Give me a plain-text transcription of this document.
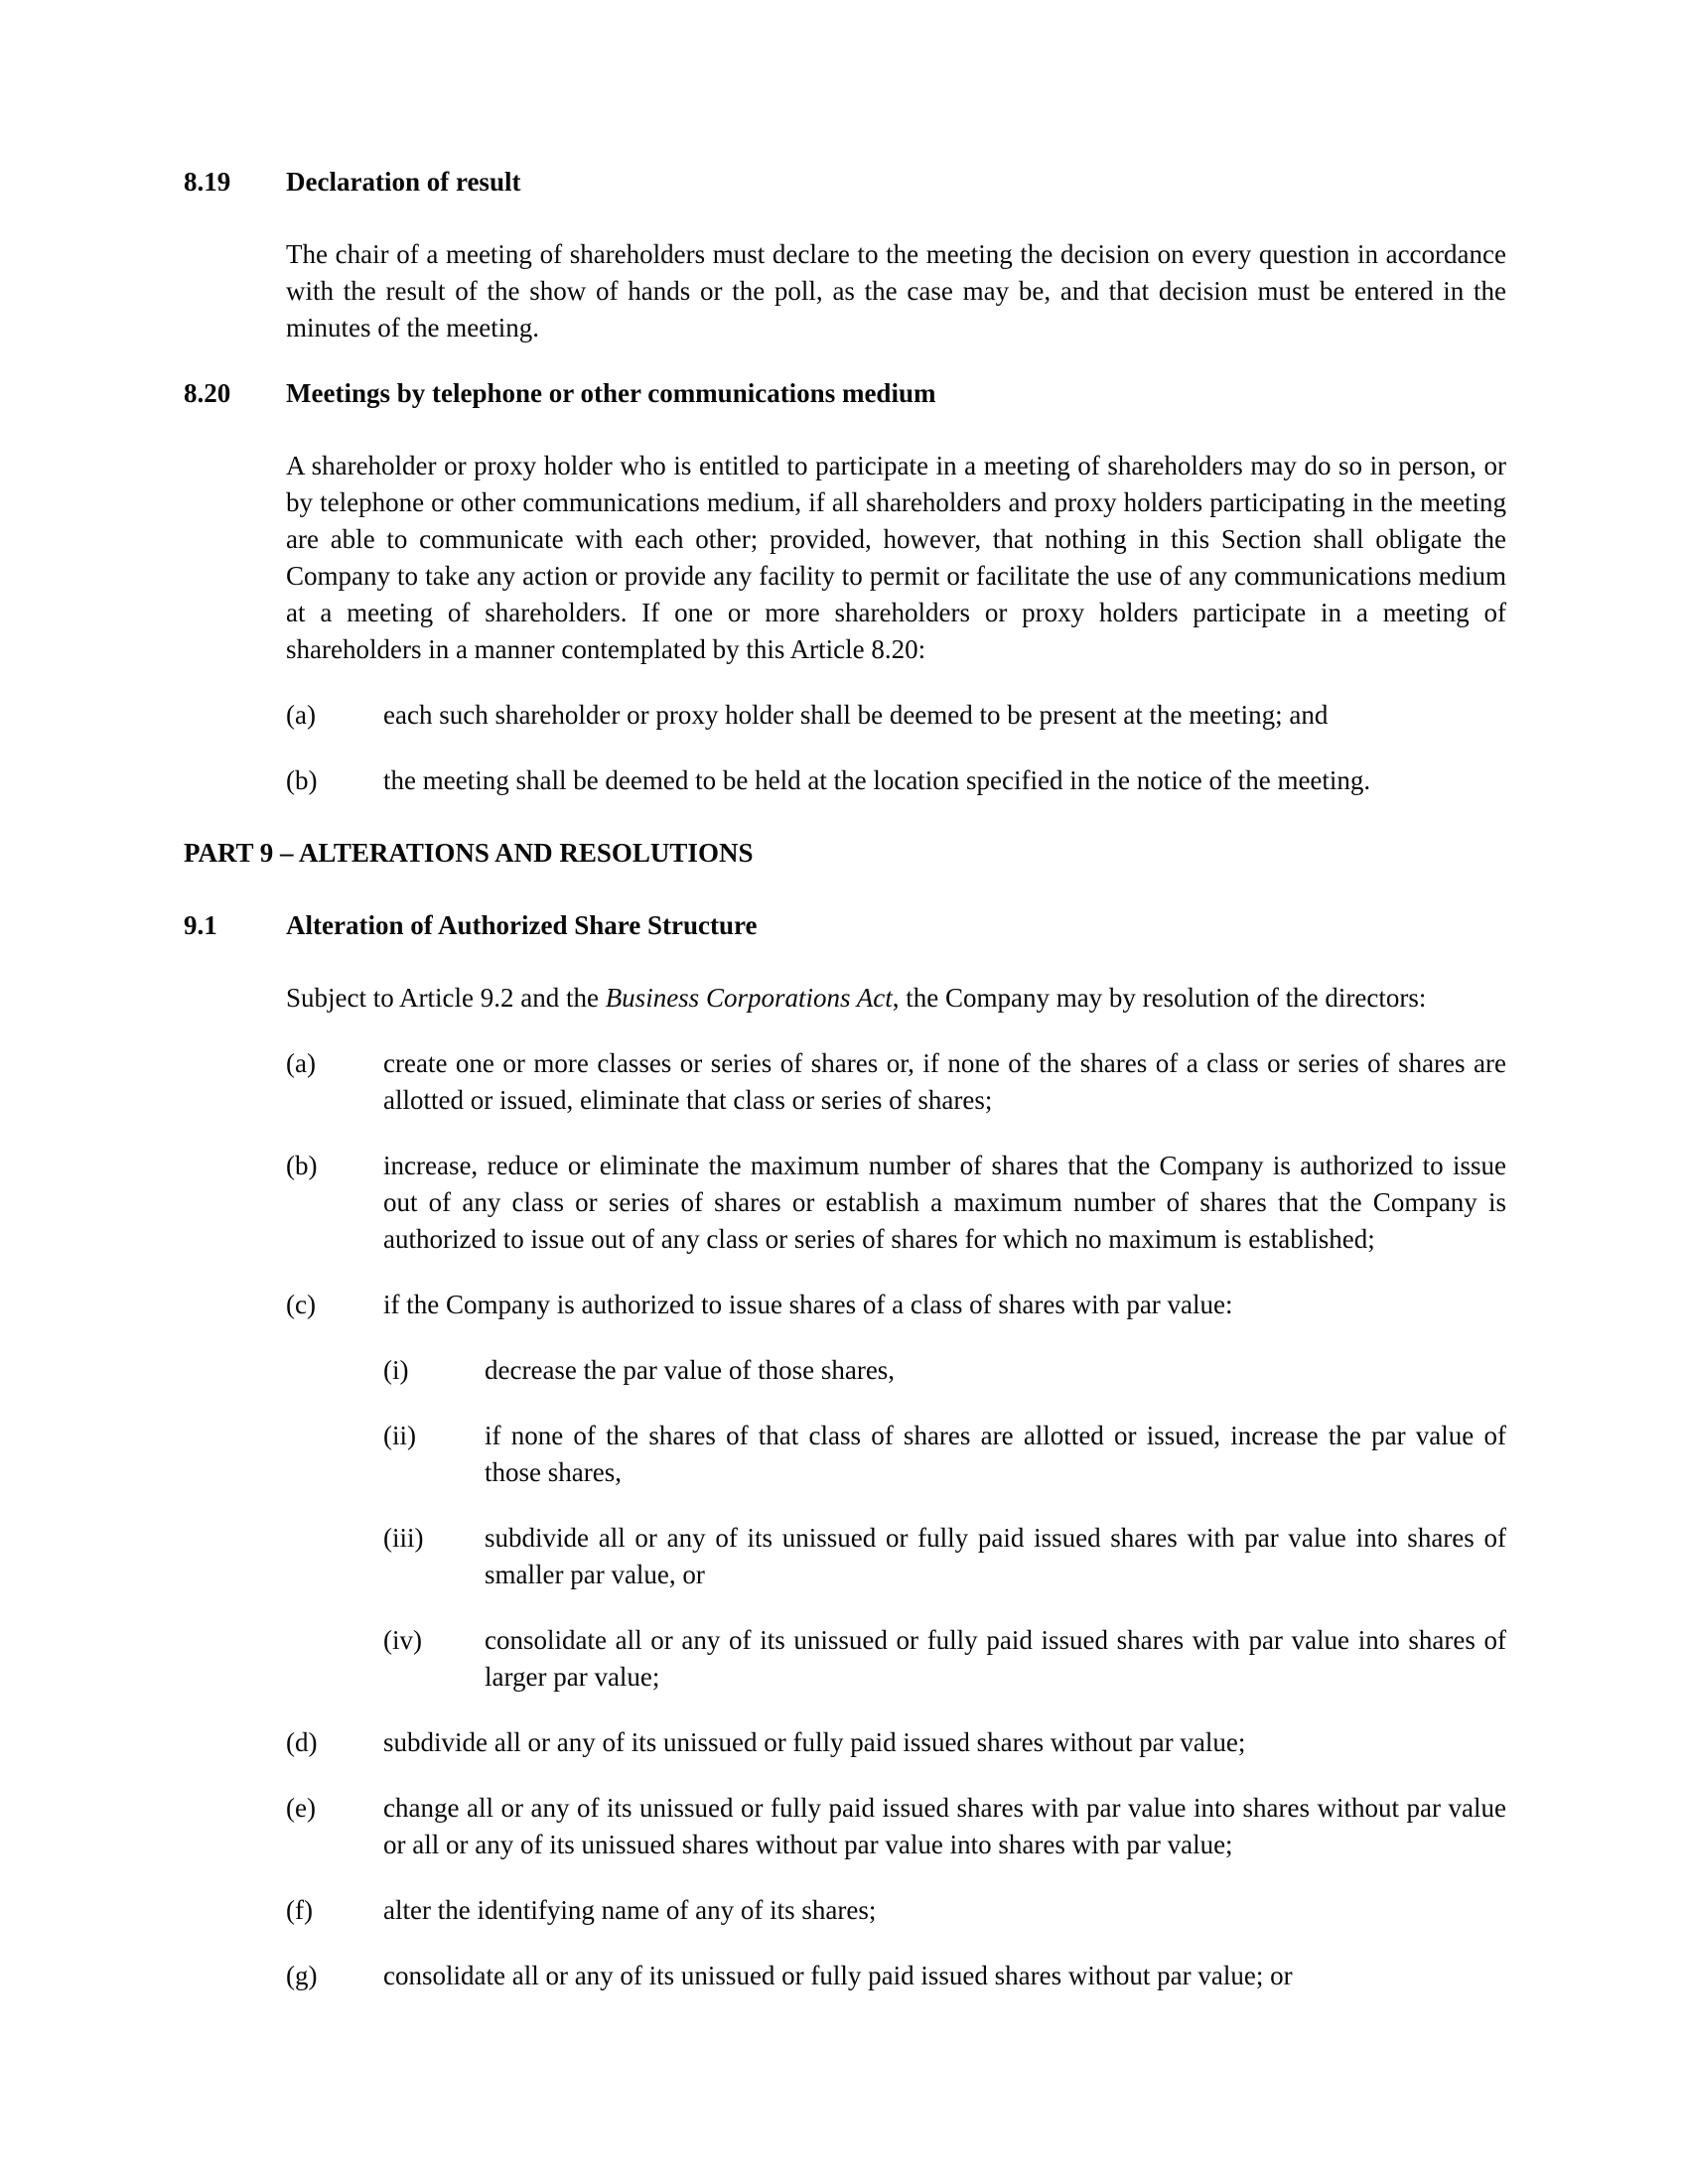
8.19	Declaration of result
The chair of a meeting of shareholders must declare to the meeting the decision on every question in accordance with the result of the show of hands or the poll, as the case may be, and that decision must be entered in the minutes of the meeting.
8.20	Meetings by telephone or other communications medium
A shareholder or proxy holder who is entitled to participate in a meeting of shareholders may do so in person, or by telephone or other communications medium, if all shareholders and proxy holders participating in the meeting are able to communicate with each other; provided, however, that nothing in this Section shall obligate the Company to take any action or provide any facility to permit or facilitate the use of any communications medium at a meeting of shareholders. If one or more shareholders or proxy holders participate in a meeting of shareholders in a manner contemplated by this Article 8.20:
(a)	each such shareholder or proxy holder shall be deemed to be present at the meeting; and
(b)	the meeting shall be deemed to be held at the location specified in the notice of the meeting.
PART 9 – ALTERATIONS AND RESOLUTIONS
9.1	Alteration of Authorized Share Structure
Subject to Article 9.2 and the Business Corporations Act, the Company may by resolution of the directors:
(a)	create one or more classes or series of shares or, if none of the shares of a class or series of shares are allotted or issued, eliminate that class or series of shares;
(b)	increase, reduce or eliminate the maximum number of shares that the Company is authorized to issue out of any class or series of shares or establish a maximum number of shares that the Company is authorized to issue out of any class or series of shares for which no maximum is established;
(c)	if the Company is authorized to issue shares of a class of shares with par value:
(i)	decrease the par value of those shares,
(ii)	if none of the shares of that class of shares are allotted or issued, increase the par value of those shares,
(iii)	subdivide all or any of its unissued or fully paid issued shares with par value into shares of smaller par value, or
(iv)	consolidate all or any of its unissued or fully paid issued shares with par value into shares of larger par value;
(d)	subdivide all or any of its unissued or fully paid issued shares without par value;
(e)	change all or any of its unissued or fully paid issued shares with par value into shares without par value or all or any of its unissued shares without par value into shares with par value;
(f)	alter the identifying name of any of its shares;
(g)	consolidate all or any of its unissued or fully paid issued shares without par value; or
